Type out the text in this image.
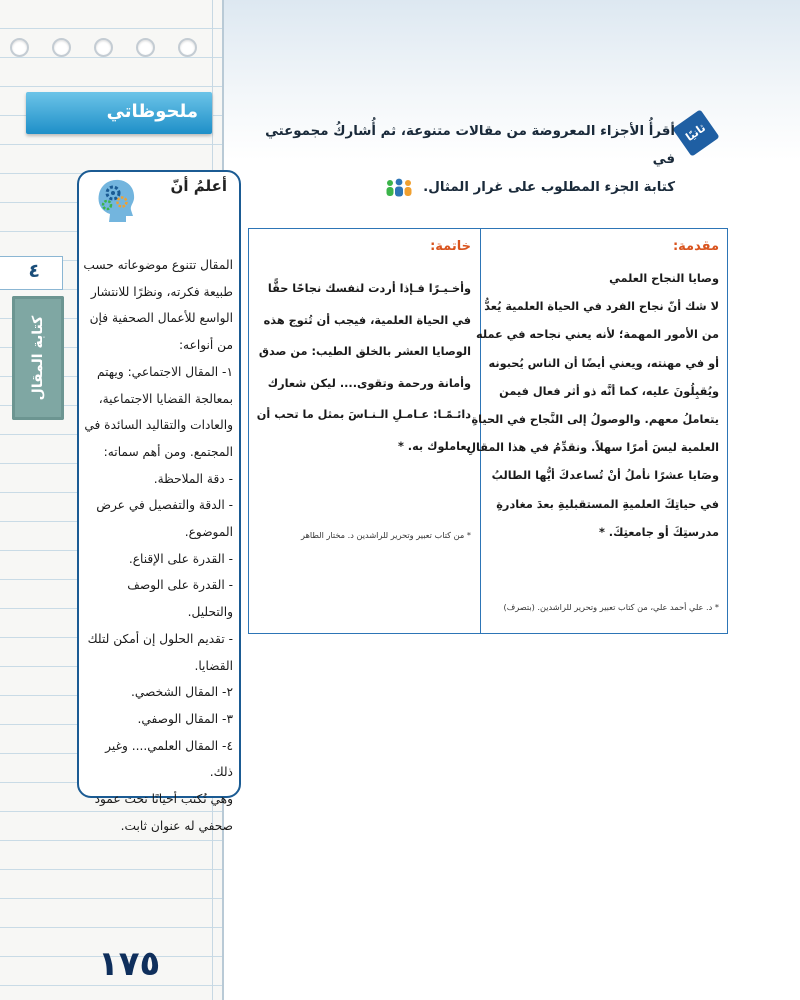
ملحوظاتي
٤
كتابة المقال
١٧٥
أعلمُ أنّ

المقال تتنوع موضوعاته حسب

طبيعة فكرته، ونظرًا للانتشار

الواسع للأعمال الصحفية فإن

من أنواعه:

١- المقال الاجتماعي: ويهتم

بمعالجة القضايا الاجتماعية،

والعادات والتقاليد السائدة في

المجتمع. ومن أهم سماته:

- دقة الملاحظة.

- الدقة والتفصيل في عرض

الموضوع.

- القدرة على الإقناع.

- القدرة على الوصف والتحليل.

- تقديم الحلول إن أمكن لتلك

القضايا.

٢- المقال الشخصي.

٣- المقال الوصفي.

٤- المقال العلمي.... وغير

ذلك.

وهي تُكتب أحيانًا تحت عمود

صحفي له عنوان ثابت.

ثانيًا
أقرأُ الأجزاء المعروضة من مقالات متنوعة، ثم أُشاركُ مجموعتي في
كتابة الجزء المطلوب على غرار المثال.
مقدمة:

وصايا النجاح العلمي

لا شك أنّ نجاح الفرد في الحياة العلمية يُعدُّ

من الأمور المهمة؛ لأنه يعني نجاحه في عمله

أو في مهنته، ويعني أيضًا أن الناس يُحبونه

ويُقبِلُونَ عليه، كما أنَّه ذو أثر فعال فيمن

يتعاملُ معهم. والوصولُ إلى النَّجاح في الحياةِ

العلمية ليسَ أمرًا سهلاً. ونقدِّمُ في هذا المقالِ

وصَايا عشرًا نأملُ أنْ تُساعدكَ أيُّها الطالبُ

في حياتِكَ العلميةِ المستقبليةِ بعدَ مغادرةِ

مدرستِكَ أو جامعتِكَ. *

* د. علي أحمد علي، من كتاب تعبير وتحرير للراشدين. (بتصرف)
خاتمة:

وأخـيـرًا فـإذا أردت لنفسك نجاحًا حقًّا

في الحياة العلمية، فيجب أن تُتوج هذه

الوصايا العشر بالخلق الطيب: من صدق

وأمانة ورحمة وتقوى.... ليكن شعارك

دائـمًـا: عـامـلِ الـنـاسَ بمثل ما تحب أن

يعاملوك به. *

* من كتاب تعبير وتحرير للراشدين د. مختار الطاهر
